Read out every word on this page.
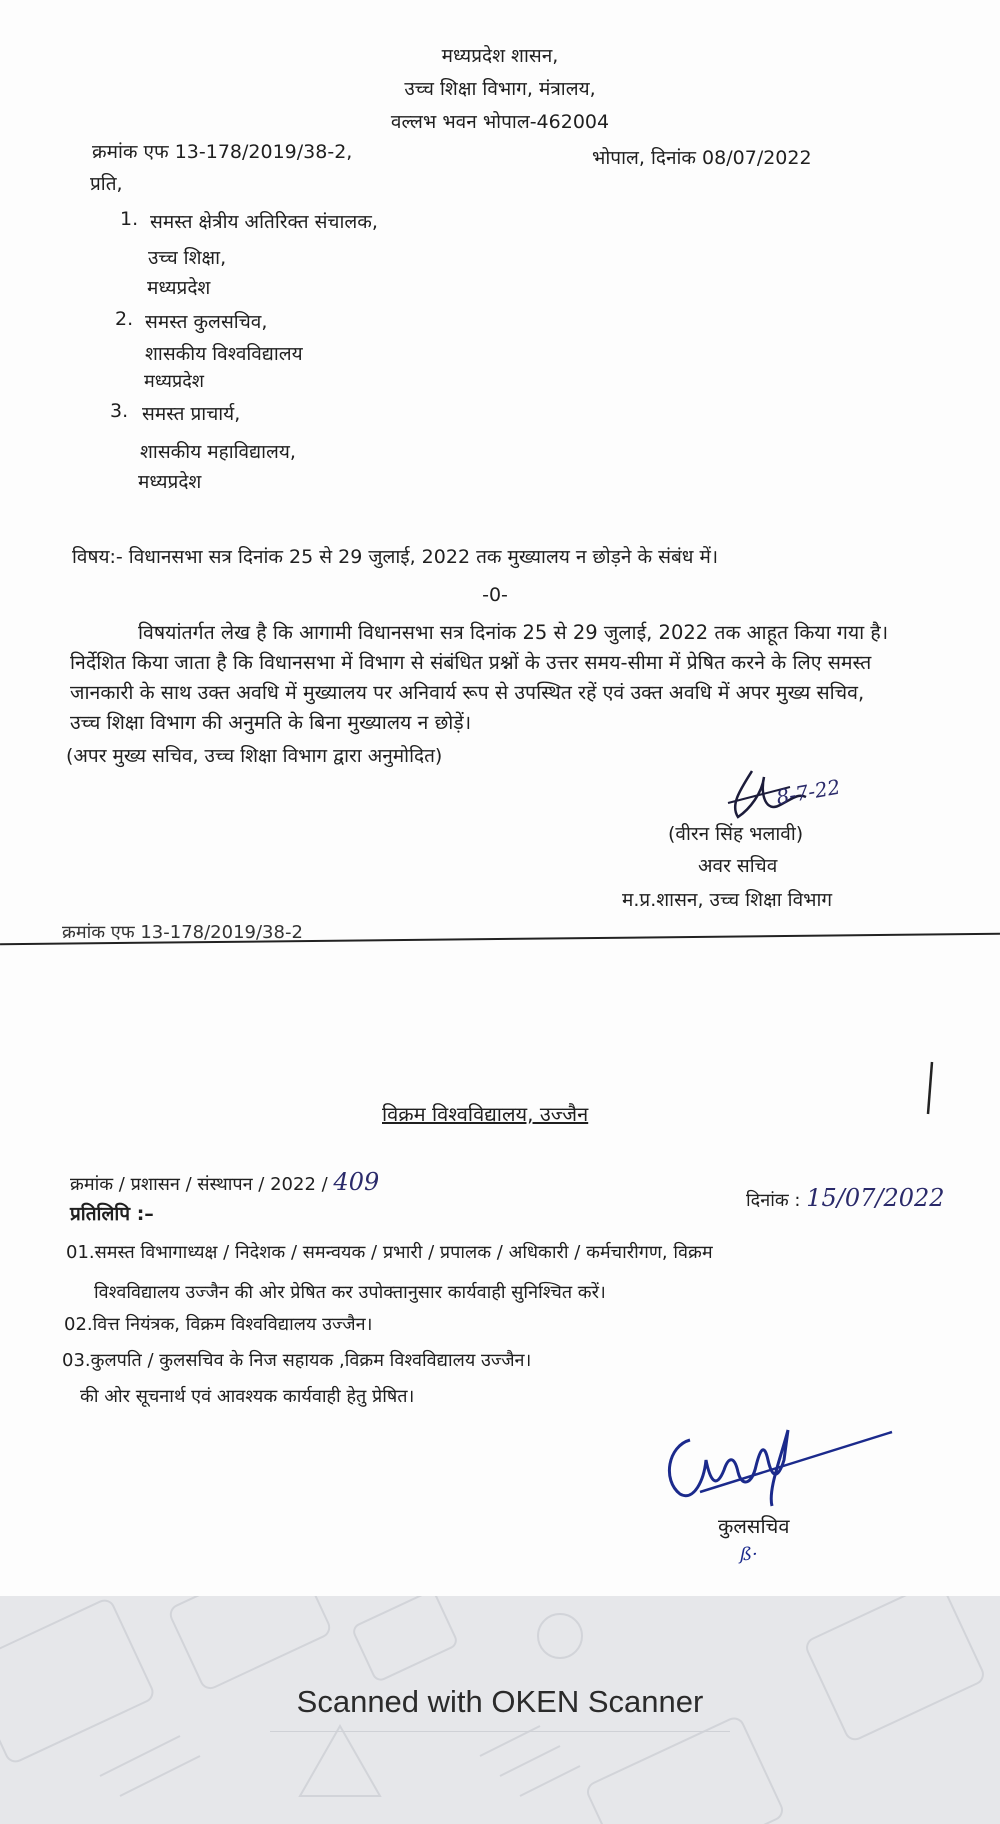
मध्यप्रदेश शासन,
उच्च शिक्षा विभाग, मंत्रालय,
वल्लभ भवन भोपाल-462004
क्रमांक एफ 13-178/2019/38-2,	भोपाल, दिनांक 08/07/2022
प्रति,
1. समस्त क्षेत्रीय अतिरिक्त संचालक,
उच्च शिक्षा,
मध्यप्रदेश
2. समस्त कुलसचिव,
शासकीय विश्वविद्यालय
मध्यप्रदेश
3. समस्त प्राचार्य,
शासकीय महाविद्यालय,
मध्यप्रदेश
विषय:- विधानसभा सत्र दिनांक 25 से 29 जुलाई, 2022 तक मुख्यालय न छोड़ने के संबंध में।
-0-
विषयांतर्गत लेख है कि आगामी विधानसभा सत्र दिनांक 25 से 29 जुलाई, 2022 तक आहूत किया गया है। निर्देशित किया जाता है कि विधानसभा में विभाग से संबंधित प्रश्नों के उत्तर समय-सीमा में प्रेषित करने के लिए समस्त जानकारी के साथ उक्त अवधि में मुख्यालय पर अनिवार्य रूप से उपस्थित रहें एवं उक्त अवधि में अपर मुख्य सचिव, उच्च शिक्षा विभाग की अनुमति के बिना मुख्यालय न छोड़ें।
(अपर मुख्य सचिव, उच्च शिक्षा विभाग द्वारा अनुमोदित)
8-7-22
(वीरन सिंह भलावी)
अवर सचिव
म.प्र.शासन, उच्च शिक्षा विभाग
क्रमांक एफ 13-178/2019/38-2
विक्रम विश्वविद्यालय, उज्जैन
क्रमांक / प्रशासन / संस्थापन / 2022 / 409
दिनांक : 15/07/2022
प्रतिलिपि :–
01.समस्त विभागाध्यक्ष / निदेशक / समन्वयक / प्रभारी / प्रपालक / अधिकारी / कर्मचारीगण, विक्रम
विश्वविद्यालय उज्जैन की ओर प्रेषित कर उपोक्तानुसार कार्यवाही सुनिश्चित करें।
02.वित्त नियंत्रक, विक्रम विश्वविद्यालय उज्जैन।
03.कुलपति / कुलसचिव के निज सहायक ,विक्रम विश्वविद्यालय उज्जैन।
की ओर सूचनार्थ एवं आवश्यक कार्यवाही हेतु प्रेषित।
कुलसचिव
ß·
Scanned with OKEN Scanner
